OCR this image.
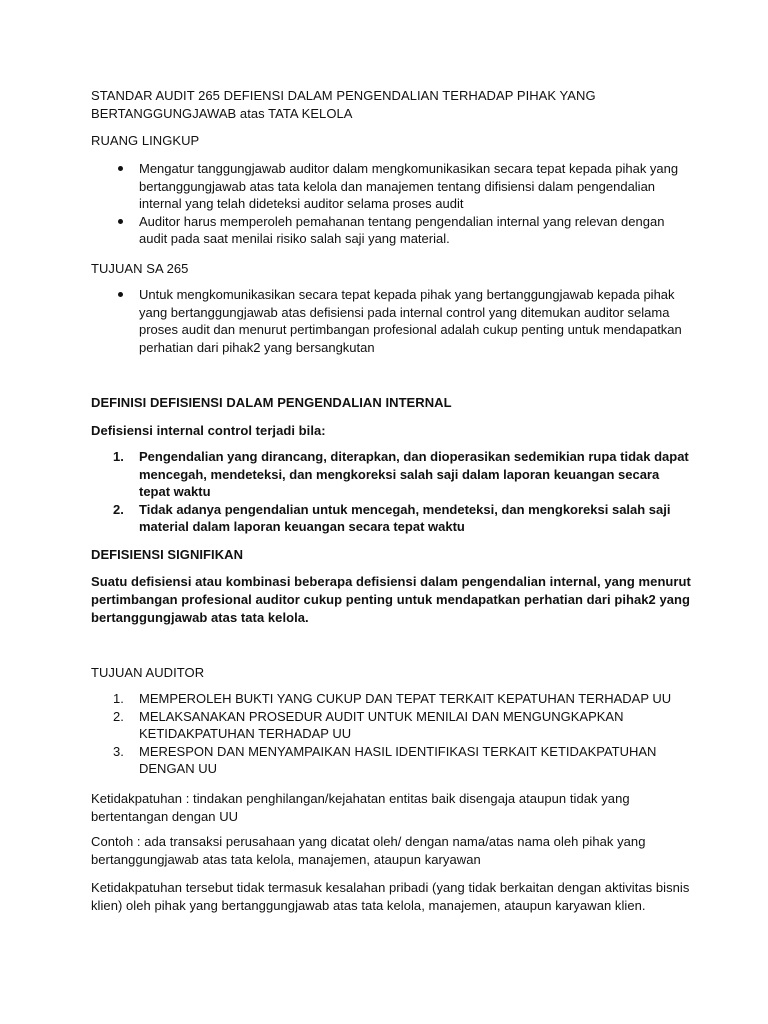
STANDAR AUDIT 265 DEFIENSI DALAM PENGENDALIAN TERHADAP PIHAK YANG
BERTANGGUNGJAWAB atas TATA KELOLA
RUANG LINGKUP
Mengatur tanggungjawab auditor dalam mengkomunikasikan secara tepat kepada pihak yang bertanggungjawab atas tata kelola dan manajemen tentang difisiensi dalam pengendalian internal yang telah dideteksi auditor selama proses audit
Auditor harus memperoleh pemahanan tentang pengendalian internal yang relevan dengan audit pada saat menilai risiko salah saji yang material.
TUJUAN SA 265
Untuk mengkomunikasikan secara tepat kepada pihak yang bertanggungjawab kepada pihak yang bertanggungjawab atas defisiensi pada internal control yang ditemukan auditor selama proses audit dan menurut pertimbangan profesional adalah cukup penting untuk mendapatkan perhatian dari pihak2 yang bersangkutan
DEFINISI DEFISIENSI DALAM PENGENDALIAN INTERNAL
Defisiensi internal control terjadi bila:
1. Pengendalian yang dirancang, diterapkan, dan dioperasikan sedemikian rupa tidak dapat mencegah, mendeteksi, dan mengkoreksi salah saji dalam laporan keuangan secara tepat waktu
2. Tidak adanya pengendalian untuk mencegah, mendeteksi, dan mengkoreksi salah saji material dalam laporan keuangan secara tepat waktu
DEFISIENSI SIGNIFIKAN
Suatu defisiensi atau kombinasi beberapa defisiensi dalam pengendalian internal, yang menurut pertimbangan profesional auditor cukup penting untuk mendapatkan perhatian dari pihak2 yang bertanggungjawab atas tata kelola.
TUJUAN AUDITOR
1. MEMPEROLEH BUKTI YANG CUKUP DAN TEPAT TERKAIT KEPATUHAN TERHADAP UU
2. MELAKSANAKAN PROSEDUR AUDIT UNTUK MENILAI DAN MENGUNGKAPKAN KETIDAKPATUHAN TERHADAP UU
3. MERESPON DAN MENYAMPAIKAN HASIL IDENTIFIKASI TERKAIT KETIDAKPATUHAN DENGAN UU
Ketidakpatuhan : tindakan penghilangan/kejahatan entitas baik disengaja ataupun tidak yang bertentangan dengan UU
Contoh : ada transaksi perusahaan yang dicatat oleh/ dengan nama/atas nama oleh pihak yang bertanggungjawab atas tata kelola, manajemen, ataupun karyawan
Ketidakpatuhan tersebut tidak termasuk kesalahan pribadi (yang tidak berkaitan dengan aktivitas bisnis klien) oleh pihak yang bertanggungjawab atas tata kelola, manajemen, ataupun karyawan klien.
